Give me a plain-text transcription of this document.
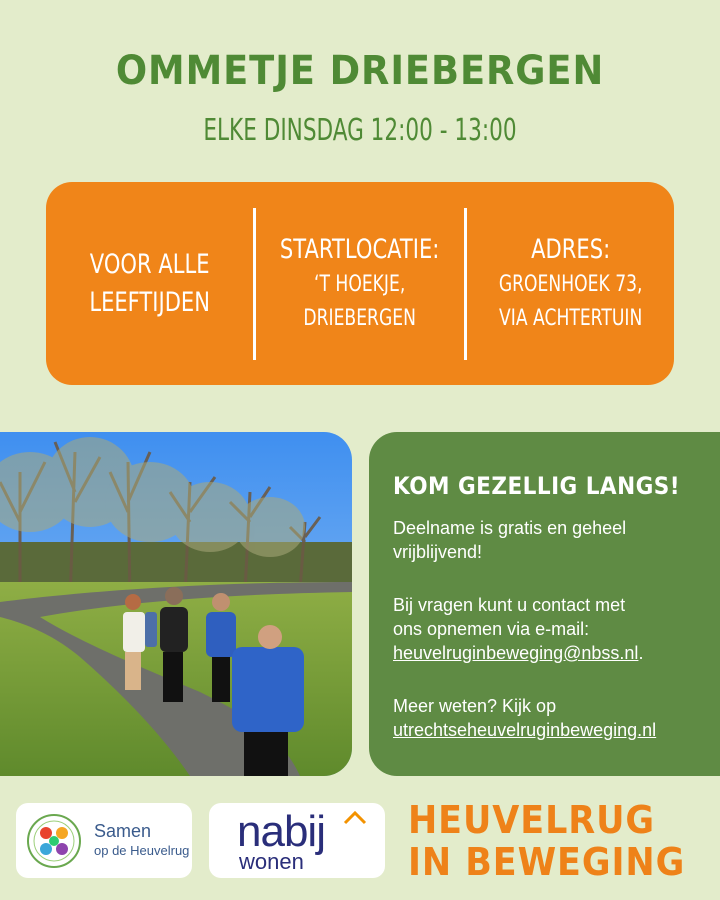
OMMETJE DRIEBERGEN
ELKE DINSDAG 12:00 - 13:00
VOOR ALLE
LEEFTIJDEN
STARTLOCATIE:
‘T HOEKJE,
DRIEBERGEN
ADRES:
GROENHOEK 73,
VIA ACHTERTUIN
KOM GEZELLIG LANGS!

Deelname is gratis en geheel
vrijblijvend!

Bij vragen kunt u contact met
ons opnemen via e-mail:
heuvelruginbeweging@nbss.nl.

Meer weten? Kijk op
utrechtseheuvelruginbeweging.nl

Samen
op de Heuvelrug nabij
wonen
HEUVELRUG
IN BEWEGING
